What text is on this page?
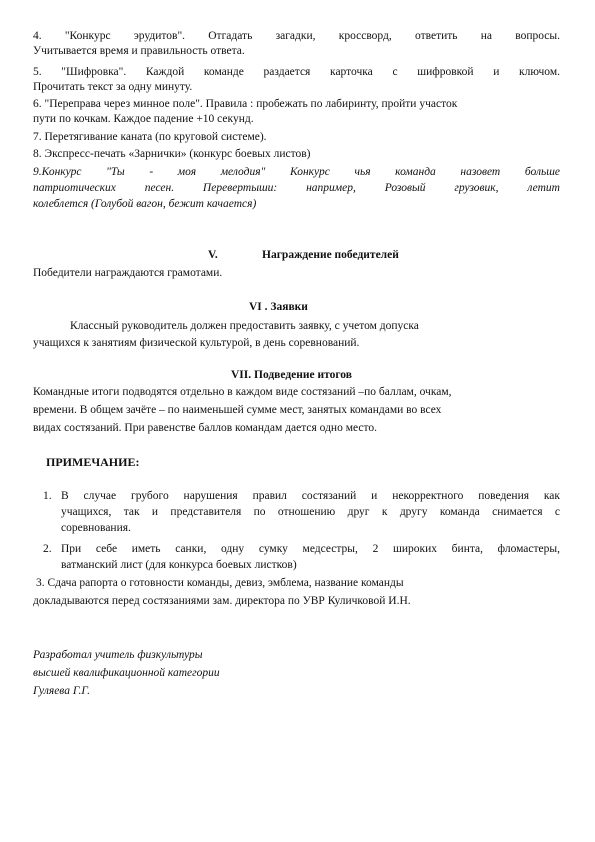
4. "Конкурс эрудитов". Отгадать загадки, кроссворд, ответить на вопросы.
Учитывается время и правильность ответа.
5. "Шифровка". Каждой команде раздается карточка с шифровкой и ключом.
Прочитать текст за одну минуту.
6. "Переправа через минное поле". Правила : пробежать по лабиринту, пройти участок
пути по кочкам. Каждое падение +10 секунд.
7. Перетягивание каната (по круговой системе).
8. Экспресс-печать «Зарнички» (конкурс боевых листов)
9.Конкурс "Ты - моя мелодия" Конкурс чья команда назовет больше
патриотических песен. Перевертыши: например, Розовый грузовик, летит
колеблется (Голубой вагон, бежит качается)
V.	Награждение победителей
Победители награждаются грамотами.
VI . Заявки
Классный руководитель должен предоставить заявку, с учетом допуска
учащихся к занятиям физической культурой, в день соревнований.
VII. Подведение итогов
Командные итоги подводятся отдельно в каждом виде состязаний –по баллам, очкам,
времени. В общем зачёте – по наименьшей сумме мест, занятых командами во всех
видах состязаний. При равенстве баллов командам дается одно место.
ПРИМЕЧАНИЕ:
1. В случае грубого нарушения правил состязаний и некорректного поведения как
учащихся, так и представителя по отношению друг к другу команда снимается с
соревнования.
2. При себе иметь санки, одну сумку медсестры, 2 широких бинта, фломастеры,
ватманский лист (для конкурса боевых листков)
3. Сдача рапорта о готовности команды, девиз, эмблема, название команды
докладываются перед состязаниями зам. директора по УВР Куличковой И.Н.
Разработал учитель физкультуры
высшей квалификационной категории
Гуляева Г.Г.
